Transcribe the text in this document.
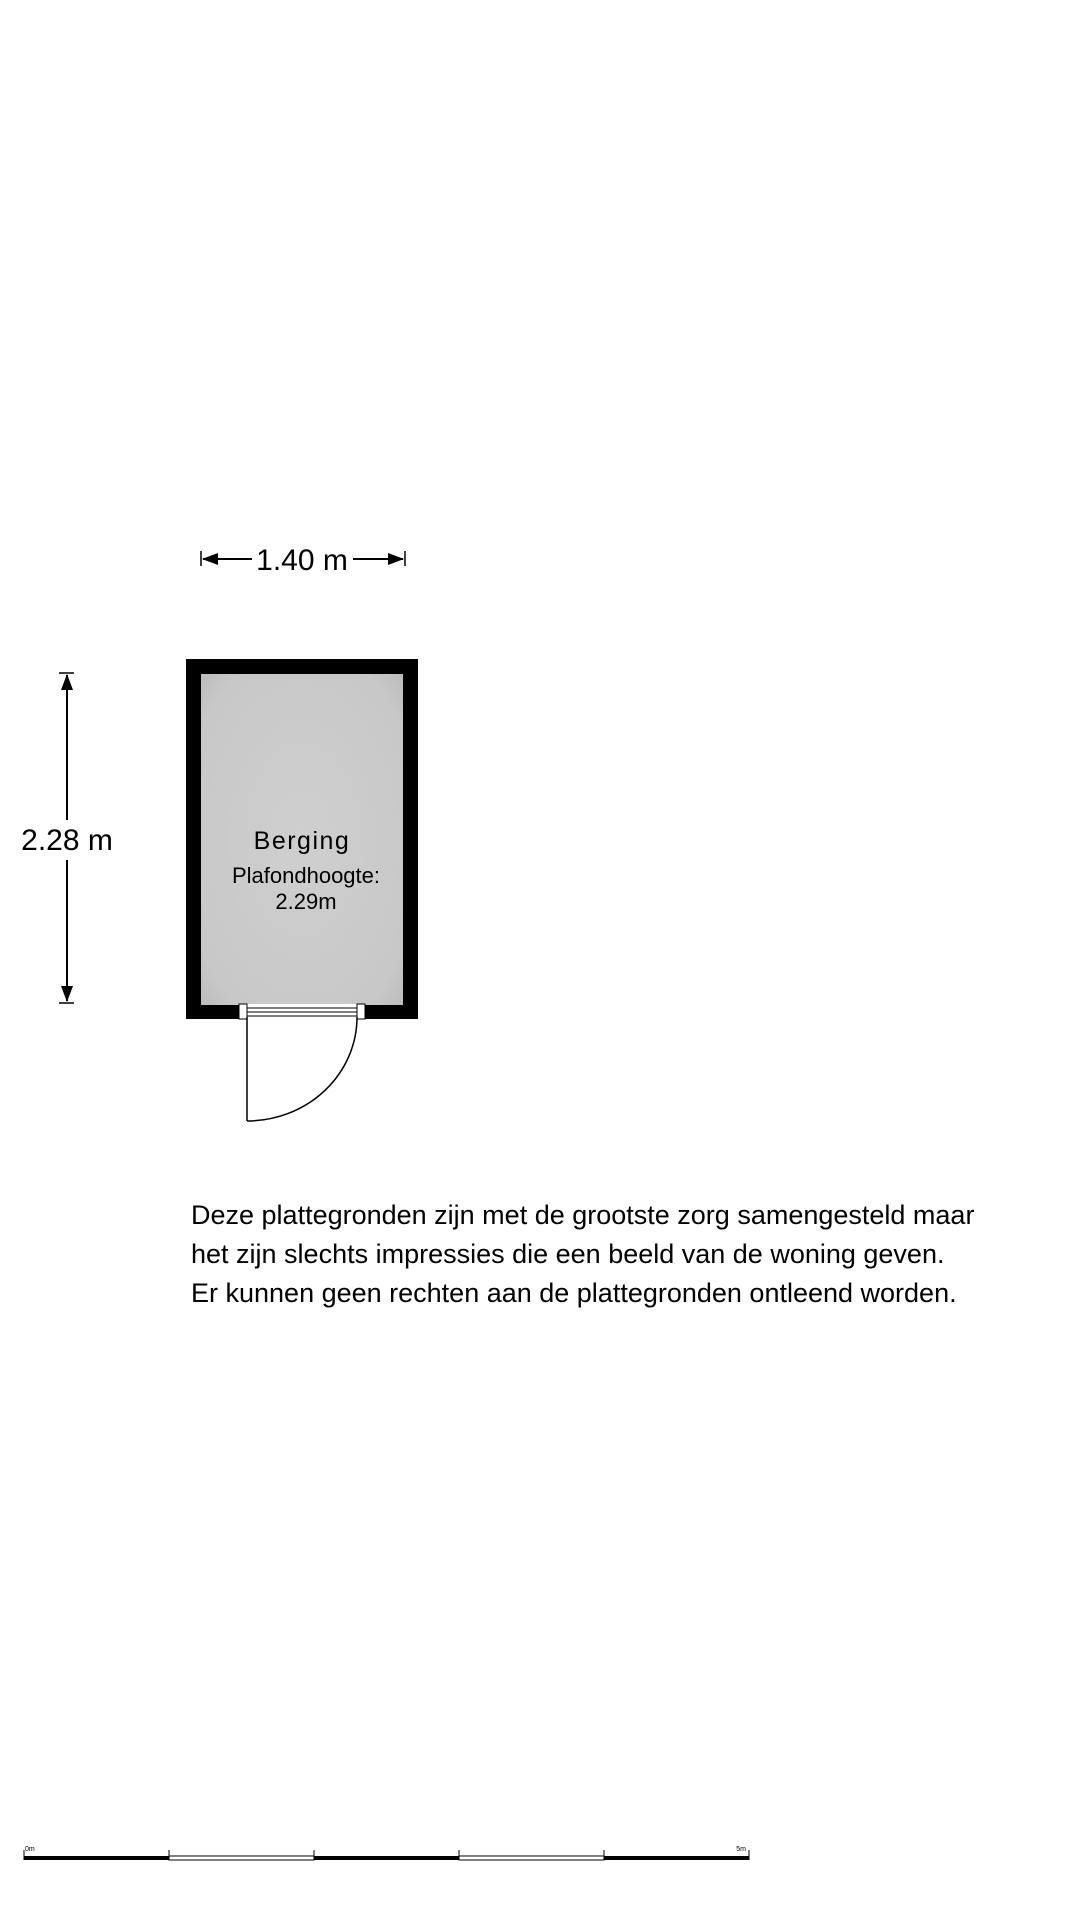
1.40 m
2.28 m	Berging
Plafondhoogte:
2.29m
0m	5m
Deze plattegronden zijn met de grootste zorg samengesteld maar
het zijn slechts impressies die een beeld van de woning geven.
Er kunnen geen rechten aan de plattegronden ontleend worden.
